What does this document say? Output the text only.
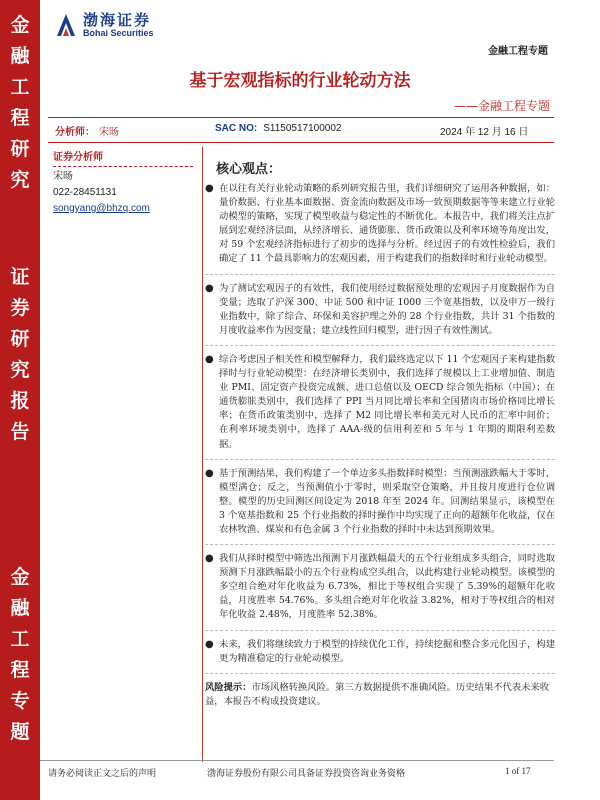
金
融
工
程
研
究
证
券
研
究
报
告
金
融
工
程
专
题
渤海证券
Bohai Securities
金融工程专题
基于宏观指标的行业轮动方法
——金融工程专题
分析师： 宋旸	SAC NO: S1150517100002	2024 年 12 月 16 日
证券分析师
宋旸
022-28451131
songyang@bhzq.com
核心观点：
● 在以往有关行业轮动策略的系列研究报告里，我们详细研究了运用各种数据，如：量价数据、行业基本面数据、资金流向数据及市场一致预期数据等等来建立行业轮动模型的策略，实现了模型收益与稳定性的不断优化。本报告中，我们将关注点扩展到宏观经济层面，从经济增长、通货膨胀、货币政策以及利率环境等角度出发，对 59 个宏观经济指标进行了初步的选择与分析。经过因子的有效性检验后，我们确定了 11 个最具影响力的宏观因素，用于构建我们的指数择时和行业轮动模型。

● 为了测试宏观因子的有效性，我们使用经过数据预处理的宏观因子月度数据作为自变量；选取了沪深 300、中证 500 和中证 1000 三个宽基指数，以及申万一级行业指数中，除了综合、环保和美容护理之外的 28 个行业指数，共计 31 个指数的月度收益率作为因变量；建立线性回归模型，进行因子有效性测试。

● 综合考虑因子相关性和模型解释力，我们最终选定以下 11 个宏观因子来构建指数择时与行业轮动模型：在经济增长类别中，我们选择了规模以上工业增加值、制造业 PMI、固定资产投资完成额、进口总值以及 OECD 综合领先指标（中国）；在通货膨胀类别中，我们选择了 PPI 当月同比增长率和全国猪肉市场价格同比增长率；在货币政策类别中，选择了 M2 同比增长率和美元对人民币的汇率中间价；在利率环境类别中，选择了 AAA-级的信用利差和 5 年与 1 年期的期限利差数据。

● 基于预测结果，我们构建了一个单边多头指数择时模型：当预测涨跌幅大于零时，模型满仓；反之，当预测值小于零时，则采取空仓策略，并且按月度进行仓位调整。模型的历史回测区间设定为 2018 年至 2024 年。回测结果显示，该模型在 3 个宽基指数和 25 个行业指数的择时操作中均实现了正向的超额年化收益，仅在农林牧渔、煤炭和有色金属 3 个行业指数的择时中未达到预期效果。

● 我们从择时模型中筛选出预测下月涨跌幅最大的五个行业组成多头组合，同时选取预测下月涨跌幅最小的五个行业构成空头组合，以此构建行业轮动模型。该模型的多空组合绝对年化收益为 6.73%，相比于等权组合实现了 5.39%的超额年化收益，月度胜率 54.76%。多头组合绝对年化收益 3.82%，相对于等权组合的相对年化收益 2.48%，月度胜率 52.38%。

● 未来，我们将继续致力于模型的持续优化工作，持续挖掘和整合多元化因子，构建更为精准稳定的行业轮动模型。

风险提示：市场风格转换风险。第三方数据提供不准确风险。历史结果不代表未来收益，本报告不构成投资建议。
请务必阅读正文之后的声明	渤海证券股份有限公司具备证券投资咨询业务资格	1 of 17
